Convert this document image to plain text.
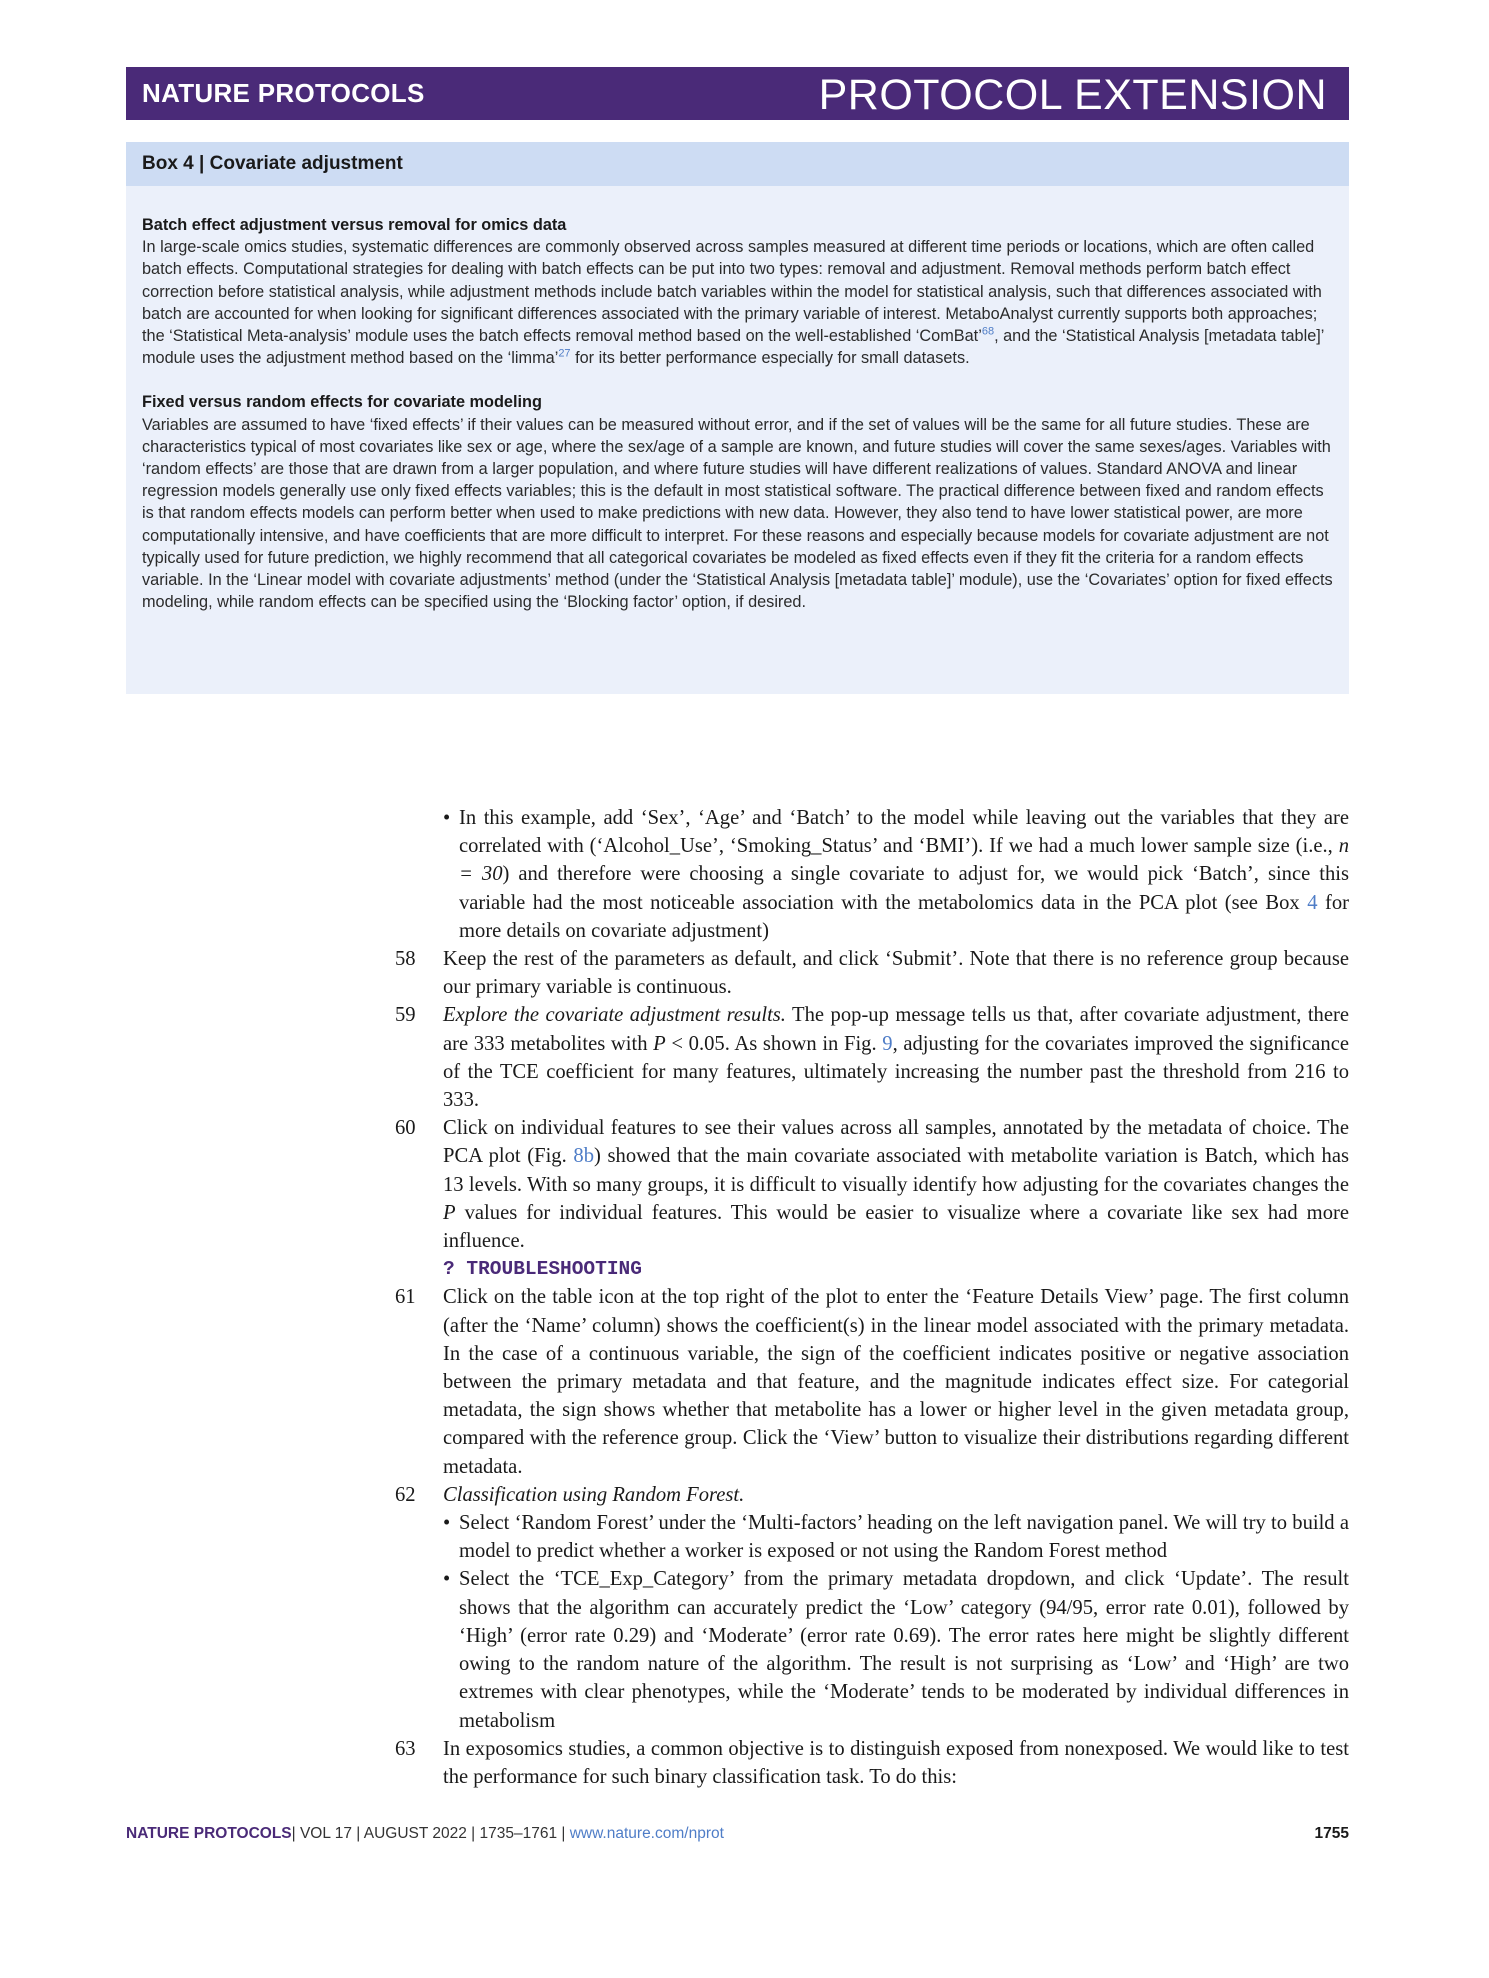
NATURE PROTOCOLS	PROTOCOL EXTENSION
Box 4 | Covariate adjustment

Batch effect adjustment versus removal for omics data

In large-scale omics studies, systematic differences are commonly observed across samples measured at different time periods or locations, which are often called batch effects. Computational strategies for dealing with batch effects can be put into two types: removal and adjustment. Removal methods perform batch effect correction before statistical analysis, while adjustment methods include batch variables within the model for statistical analysis, such that differences associated with batch are accounted for when looking for significant differences associated with the primary variable of interest. MetaboAnalyst currently supports both approaches; the ‘Statistical Meta-analysis’ module uses the batch effects removal method based on the well-established ‘ComBat’$^{68}$, and the ‘Statistical Analysis [metadata table]’ module uses the adjustment method based on the ‘limma’$^{27}$ for its better performance especially for small datasets.

Fixed versus random effects for covariate modeling

Variables are assumed to have ‘fixed effects’ if their values can be measured without error, and if the set of values will be the same for all future studies. These are characteristics typical of most covariates like sex or age, where the sex/age of a sample are known, and future studies will cover the same sexes/ages. Variables with ‘random effects’ are those that are drawn from a larger population, and where future studies will have different realizations of values. Standard ANOVA and linear regression models generally use only fixed effects variables; this is the default in most statistical software. The practical difference between fixed and random effects is that random effects models can perform better when used to make predictions with new data. However, they also tend to have lower statistical power, are more computationally intensive, and have coefficients that are more difficult to interpret. For these reasons and especially because models for covariate adjustment are not typically used for future prediction, we highly recommend that all categorical covariates be modeled as fixed effects even if they fit the criteria for a random effects variable. In the ‘Linear model with covariate adjustments’ method (under the ‘Statistical Analysis [metadata table]’ module), use the ‘Covariates’ option for fixed effects modeling, while random effects can be specified using the ‘Blocking factor’ option, if desired.

• In this example, add ‘Sex’, ‘Age’ and ‘Batch’ to the model while leaving out the variables that they are correlated with (‘Alcohol_Use’, ‘Smoking_Status’ and ‘BMI’). If we had a much lower sample size (i.e., n = 30) and therefore were choosing a single covariate to adjust for, we would pick ‘Batch’, since this variable had the most noticeable association with the metabolomics data in the PCA plot (see Box 4 for more details on covariate adjustment)
58 Keep the rest of the parameters as default, and click ‘Submit’. Note that there is no reference group because our primary variable is continuous.
59 Explore the covariate adjustment results. The pop-up message tells us that, after covariate adjustment, there are 333 metabolites with P < 0.05. As shown in Fig. 9, adjusting for the covariates improved the significance of the TCE coefficient for many features, ultimately increasing the number past the threshold from 216 to 333.
60 Click on individual features to see their values across all samples, annotated by the metadata of choice. The PCA plot (Fig. 8b) showed that the main covariate associated with metabolite variation is Batch, which has 13 levels. With so many groups, it is difficult to visually identify how adjusting for the covariates changes the P values for individual features. This would be easier to visualize where a covariate like sex had more influence.
? TROUBLESHOOTING
61 Click on the table icon at the top right of the plot to enter the ‘Feature Details View’ page. The first column (after the ‘Name’ column) shows the coefficient(s) in the linear model associated with the primary metadata. In the case of a continuous variable, the sign of the coefficient indicates positive or negative association between the primary metadata and that feature, and the magnitude indicates effect size. For categorial metadata, the sign shows whether that metabolite has a lower or higher level in the given metadata group, compared with the reference group. Click the ‘View’ button to visualize their distributions regarding different metadata.
62 Classification using Random Forest.
• Select ‘Random Forest’ under the ‘Multi-factors’ heading on the left navigation panel. We will try to build a model to predict whether a worker is exposed or not using the Random Forest method
• Select the ‘TCE_Exp_Category’ from the primary metadata dropdown, and click ‘Update’. The result shows that the algorithm can accurately predict the ‘Low’ category (94/95, error rate 0.01), followed by ‘High’ (error rate 0.29) and ‘Moderate’ (error rate 0.69). The error rates here might be slightly different owing to the random nature of the algorithm. The result is not surprising as ‘Low’ and ‘High’ are two extremes with clear phenotypes, while the ‘Moderate’ tends to be moderated by individual differences in metabolism
63 In exposomics studies, a common objective is to distinguish exposed from nonexposed. We would like to test the performance for such binary classification task. To do this:
NATURE PROTOCOLS| VOL 17 | AUGUST 2022 | 1735–1761 | www.nature.com/nprot	1755
